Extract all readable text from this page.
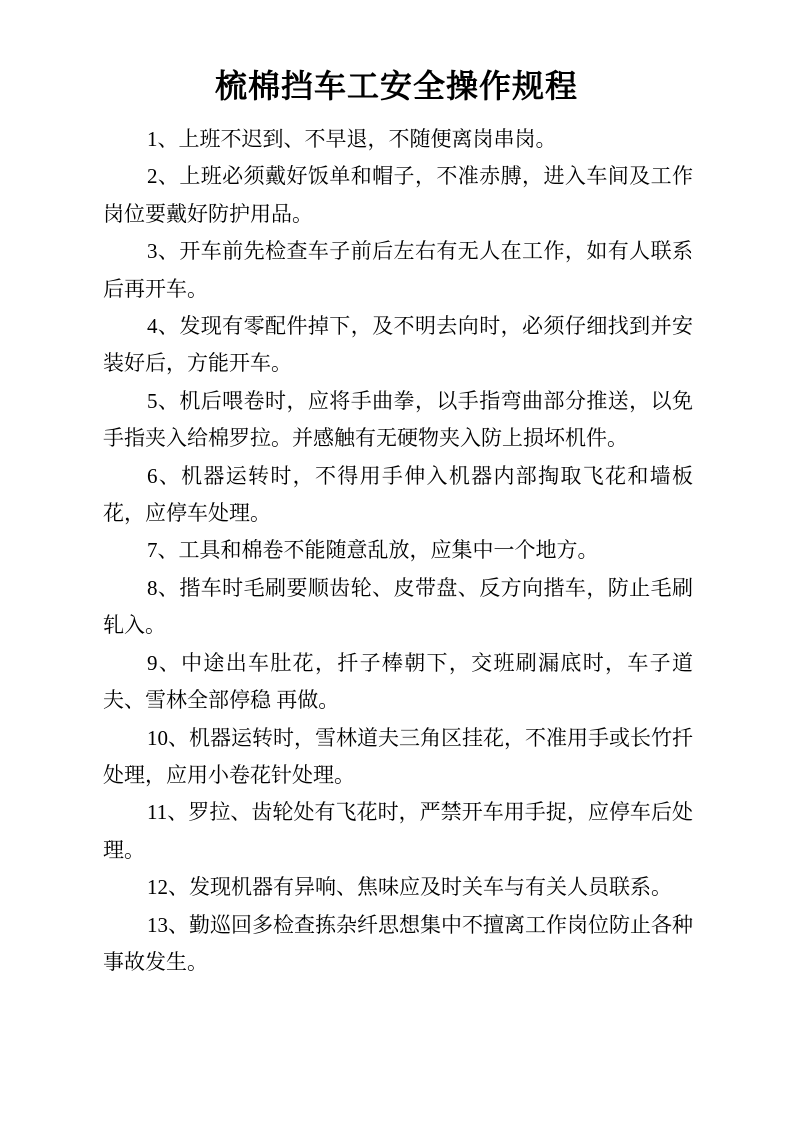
梳棉挡车工安全操作规程

1、上班不迟到、不早退，不随便离岗串岗。

2、上班必须戴好饭单和帽子，不准赤膊，进入车间及工作岗位要戴好防护用品。

3、开车前先检查车子前后左右有无人在工作，如有人联系后再开车。

4、发现有零配件掉下，及不明去向时，必须仔细找到并安装好后，方能开车。

5、机后喂卷时，应将手曲拳，以手指弯曲部分推送，以免手指夹入给棉罗拉。并感触有无硬物夹入防上损坏机件。

6、机器运转时，不得用手伸入机器内部掏取飞花和墙板花，应停车处理。

7、工具和棉卷不能随意乱放，应集中一个地方。

8、揩车时毛刷要顺齿轮、皮带盘、反方向揩车，防止毛刷轧入。

9、中途出车肚花，扦子棒朝下，交班刷漏底时，车子道夫、雪林全部停稳 再做。

10、机器运转时，雪林道夫三角区挂花，不准用手或长竹扦处理，应用小卷花针处理。

11、罗拉、齿轮处有飞花时，严禁开车用手捉，应停车后处理。

12、发现机器有异响、焦味应及时关车与有关人员联系。

13、勤巡回多检查拣杂纤思想集中不擅离工作岗位防止各种事故发生。
